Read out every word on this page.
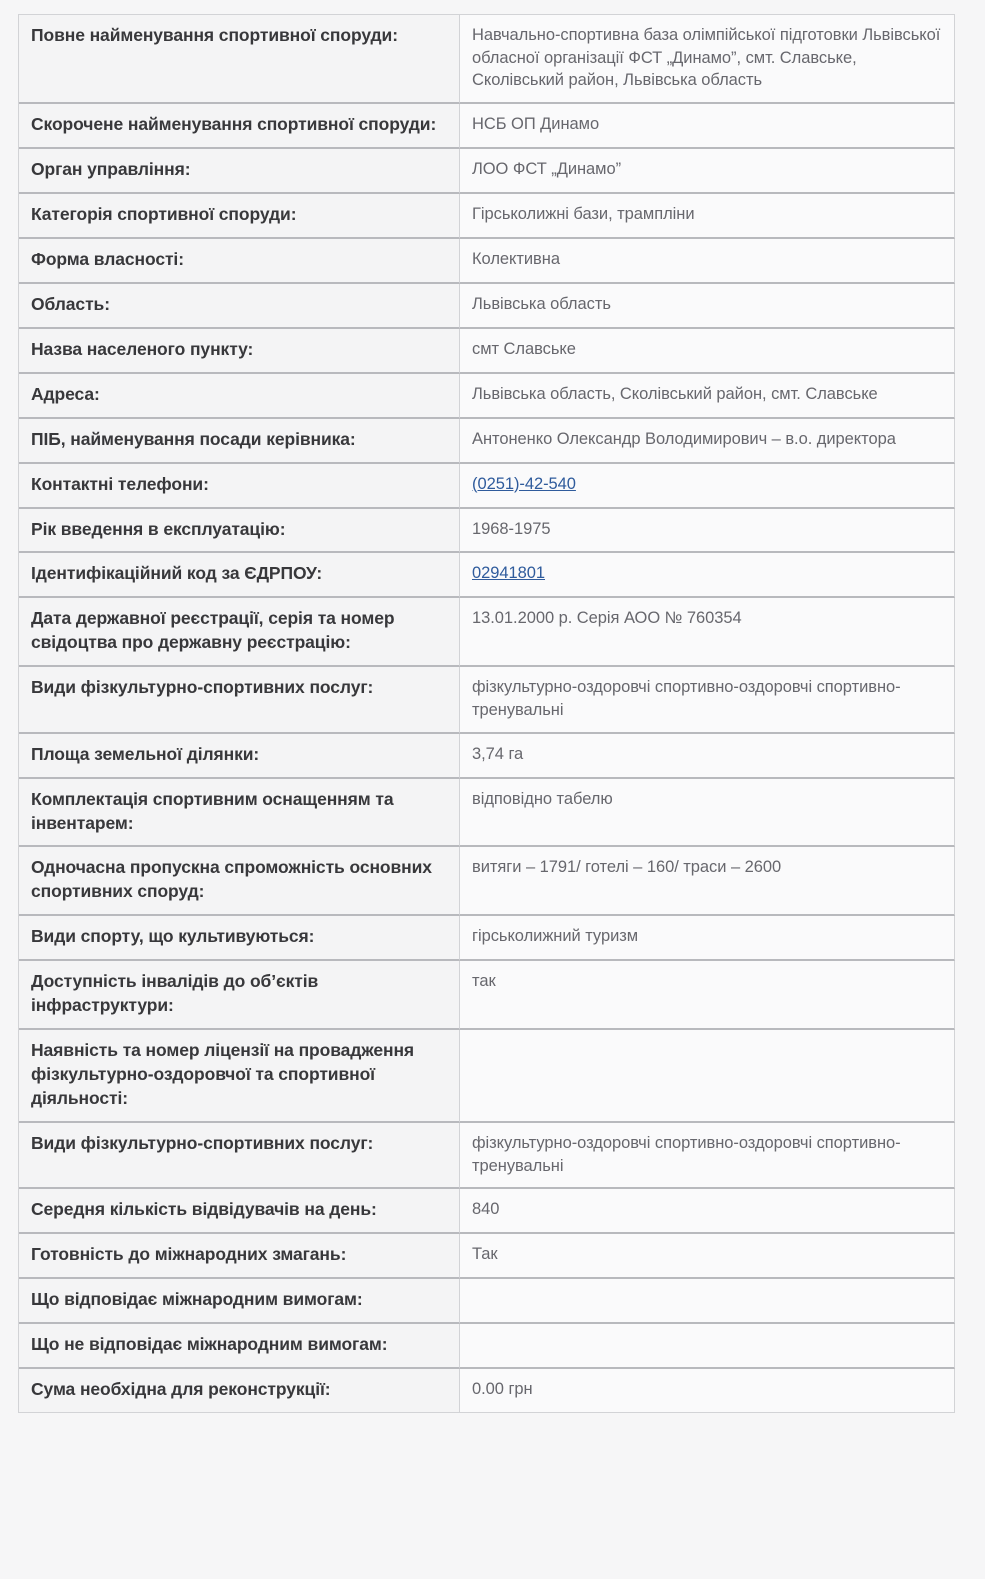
Повне найменування спортивної споруди:	Навчально-спортивна база олімпійської підготовки Львівської обласної організації ФСТ „Динамо”, смт. Славське, Сколівський район, Львівська область
Скорочене найменування спортивної споруди:	НСБ ОП Динамо
Орган управління:	ЛОО ФСТ „Динамо”
Категорія спортивної споруди:	Гірськолижні бази, трампліни
Форма власності:	Колективна
Область:	Львівська область
Назва населеного пункту:	смт Славське
Адреса:	Львівська область, Сколівський район, смт. Славське
ПІБ, найменування посади керівника:	Антоненко Олександр Володимирович – в.о. директора
Контактні телефони:	(0251)-42-540
Рік введення в експлуатацію:	1968-1975
Ідентифікаційний код за ЄДРПОУ:	02941801
Дата державної реєстрації, серія та номер свідоцтва про державну реєстрацію:	13.01.2000 р. Серія АОО № 760354
Види фізкультурно-спортивних послуг:	фізкультурно-оздоровчі спортивно-оздоровчі спортивно-тренувальні
Площа земельної ділянки:	3,74 га
Комплектація спортивним оснащенням та інвентарем:	відповідно табелю
Одночасна пропускна спроможність основних спортивних споруд:	витяги – 1791/ готелі – 160/ траси – 2600
Види спорту, що культивуються:	гірськолижний туризм
Доступність інвалідів до об’єктів інфраструктури:	так
Наявність та номер ліцензії на провадження фізкультурно-оздоровчої та спортивної діяльності:	
Види фізкультурно-спортивних послуг:	фізкультурно-оздоровчі спортивно-оздоровчі спортивно-тренувальні
Середня кількість відвідувачів на день:	840
Готовність до міжнародних змагань:	Так
Що відповідає міжнародним вимогам:	
Що не відповідає міжнародним вимогам:	
Сума необхідна для реконструкції:	0.00 грн
